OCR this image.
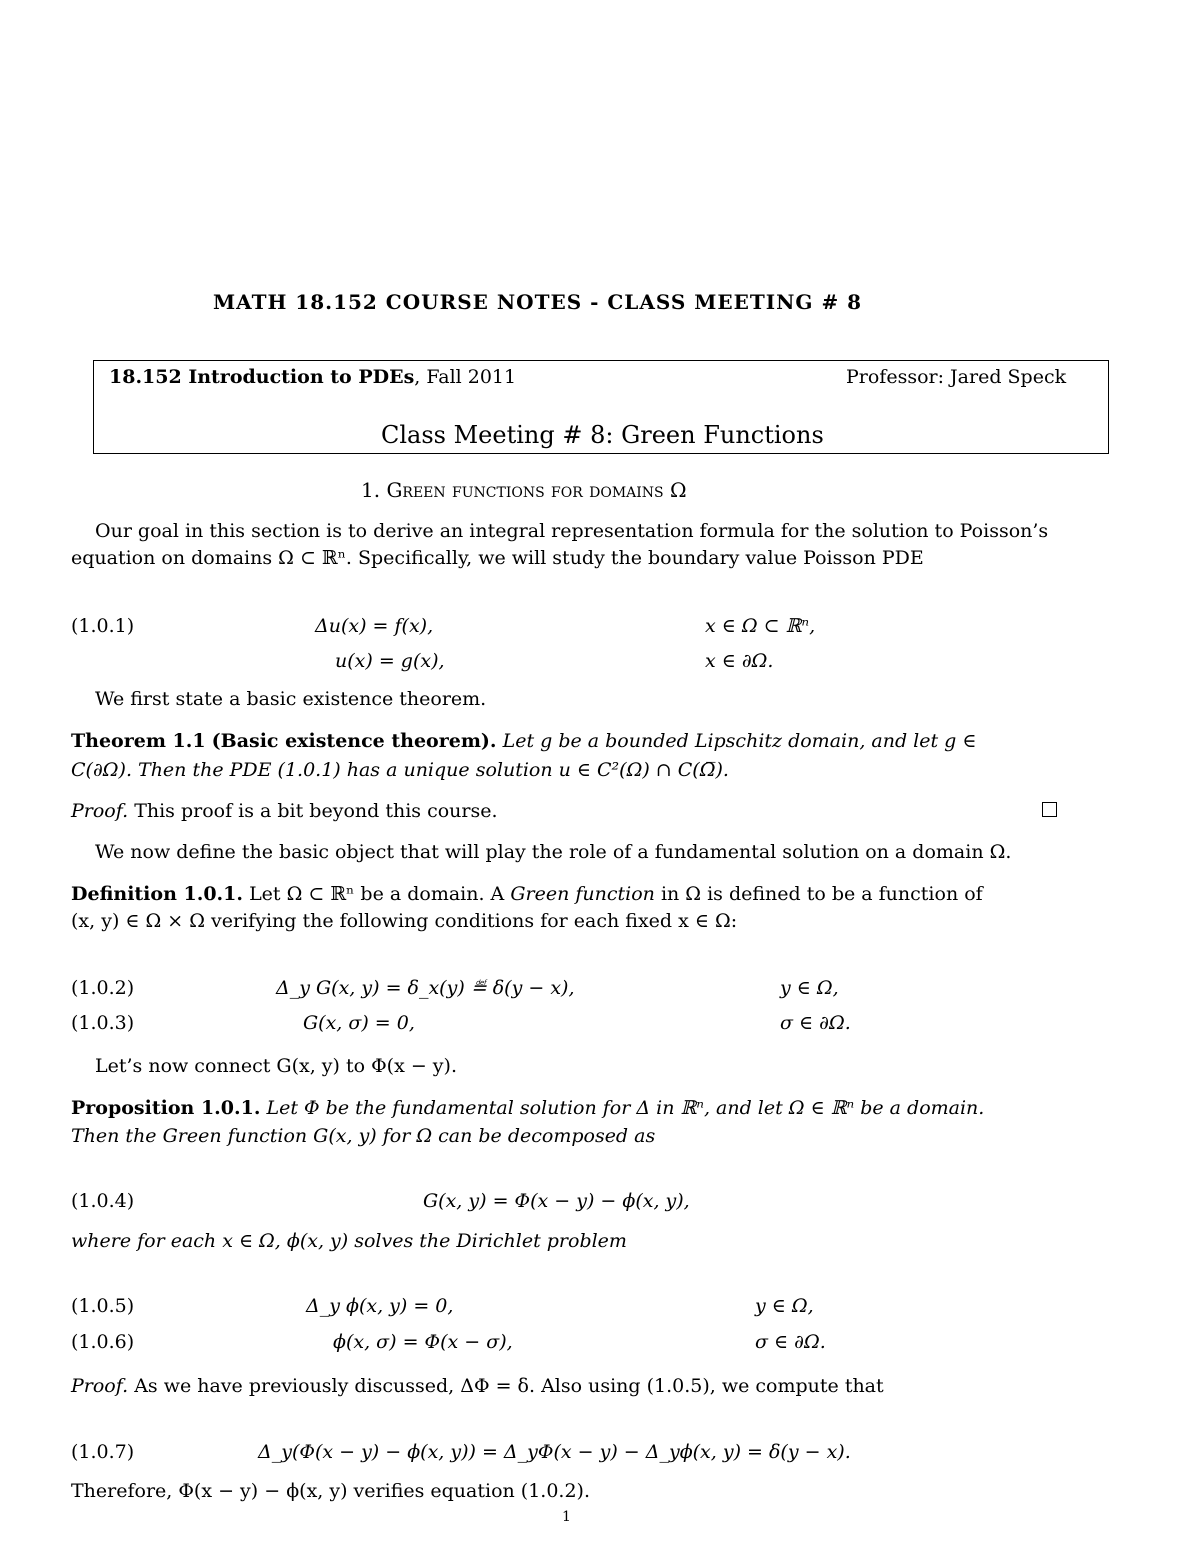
MATH 18.152 COURSE NOTES - CLASS MEETING # 8
18.152 Introduction to PDEs, Fall 2011	Professor: Jared Speck
Class Meeting # 8: Green Functions
1. Green functions for domains Ω
Our goal in this section is to derive an integral representation formula for the solution to Poisson’s
equation on domains Ω ⊂ ℝⁿ. Specifically, we will study the boundary value Poisson PDE
(1.0.1)	Δu(x) = f(x),	x ∈ Ω ⊂ ℝⁿ,
u(x) = g(x),	x ∈ ∂Ω.
We first state a basic existence theorem.
Theorem 1.1 (Basic existence theorem). Let g be a bounded Lipschitz domain, and let g ∈
C(∂Ω). Then the PDE (1.0.1) has a unique solution u ∈ C²(Ω) ∩ C(Ω̅).
Proof. This proof is a bit beyond this course.
We now define the basic object that will play the role of a fundamental solution on a domain Ω.
Definition 1.0.1. Let Ω ⊂ ℝⁿ be a domain. A Green function in Ω is defined to be a function of
(x, y) ∈ Ω × Ω verifying the following conditions for each fixed x ∈ Ω:
(1.0.2)	Δ_y G(x, y) = δ_x(y) ≝ δ(y − x),	y ∈ Ω,
(1.0.3)	G(x, σ) = 0,	σ ∈ ∂Ω.
Let’s now connect G(x, y) to Φ(x − y).
Proposition 1.0.1. Let Φ be the fundamental solution for Δ in ℝⁿ, and let Ω ∈ ℝⁿ be a domain.
Then the Green function G(x, y) for Ω can be decomposed as
(1.0.4)	G(x, y) = Φ(x − y) − ϕ(x, y),
where for each x ∈ Ω, ϕ(x, y) solves the Dirichlet problem
(1.0.5)	Δ_y ϕ(x, y) = 0,	y ∈ Ω,
(1.0.6)	ϕ(x, σ) = Φ(x − σ),	σ ∈ ∂Ω.
Proof. As we have previously discussed, ΔΦ = δ. Also using (1.0.5), we compute that
(1.0.7)	Δ_y(Φ(x − y) − ϕ(x, y)) = Δ_yΦ(x − y) − Δ_yϕ(x, y) = δ(y − x).
Therefore, Φ(x − y) − ϕ(x, y) verifies equation (1.0.2).
1
